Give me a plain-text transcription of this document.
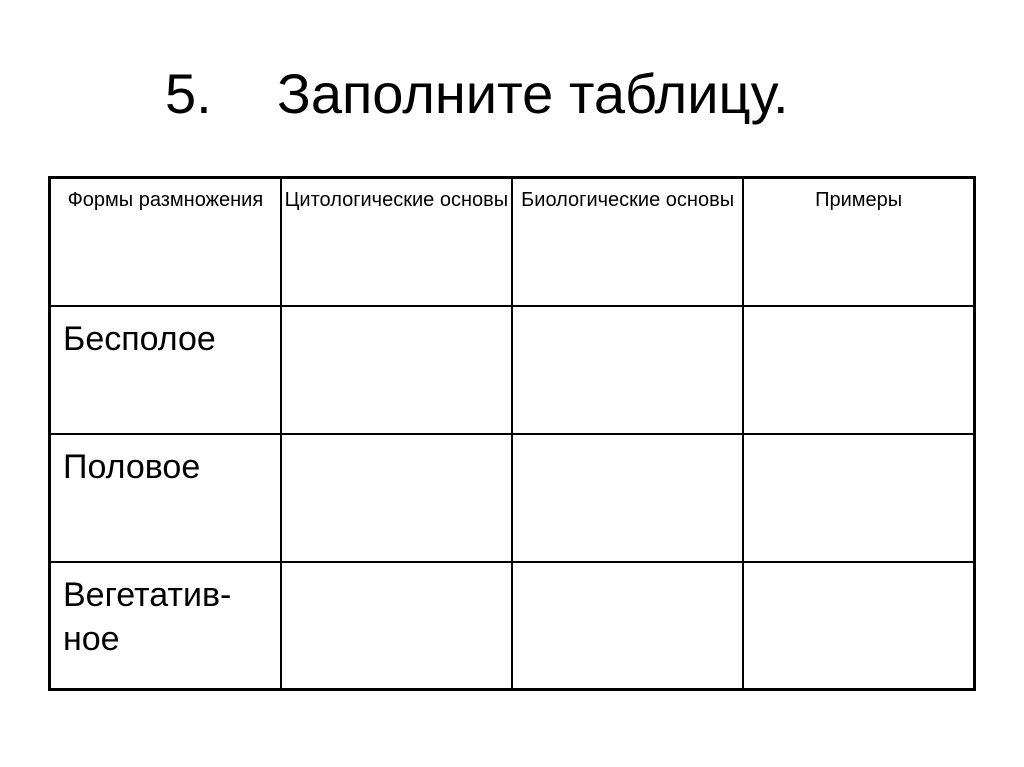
5. Заполните таблицу.
Формы размножения	Цитологические основы	Биологические основы	Примеры
Бесполое			
Половое			
Вегетатив-
ное			
